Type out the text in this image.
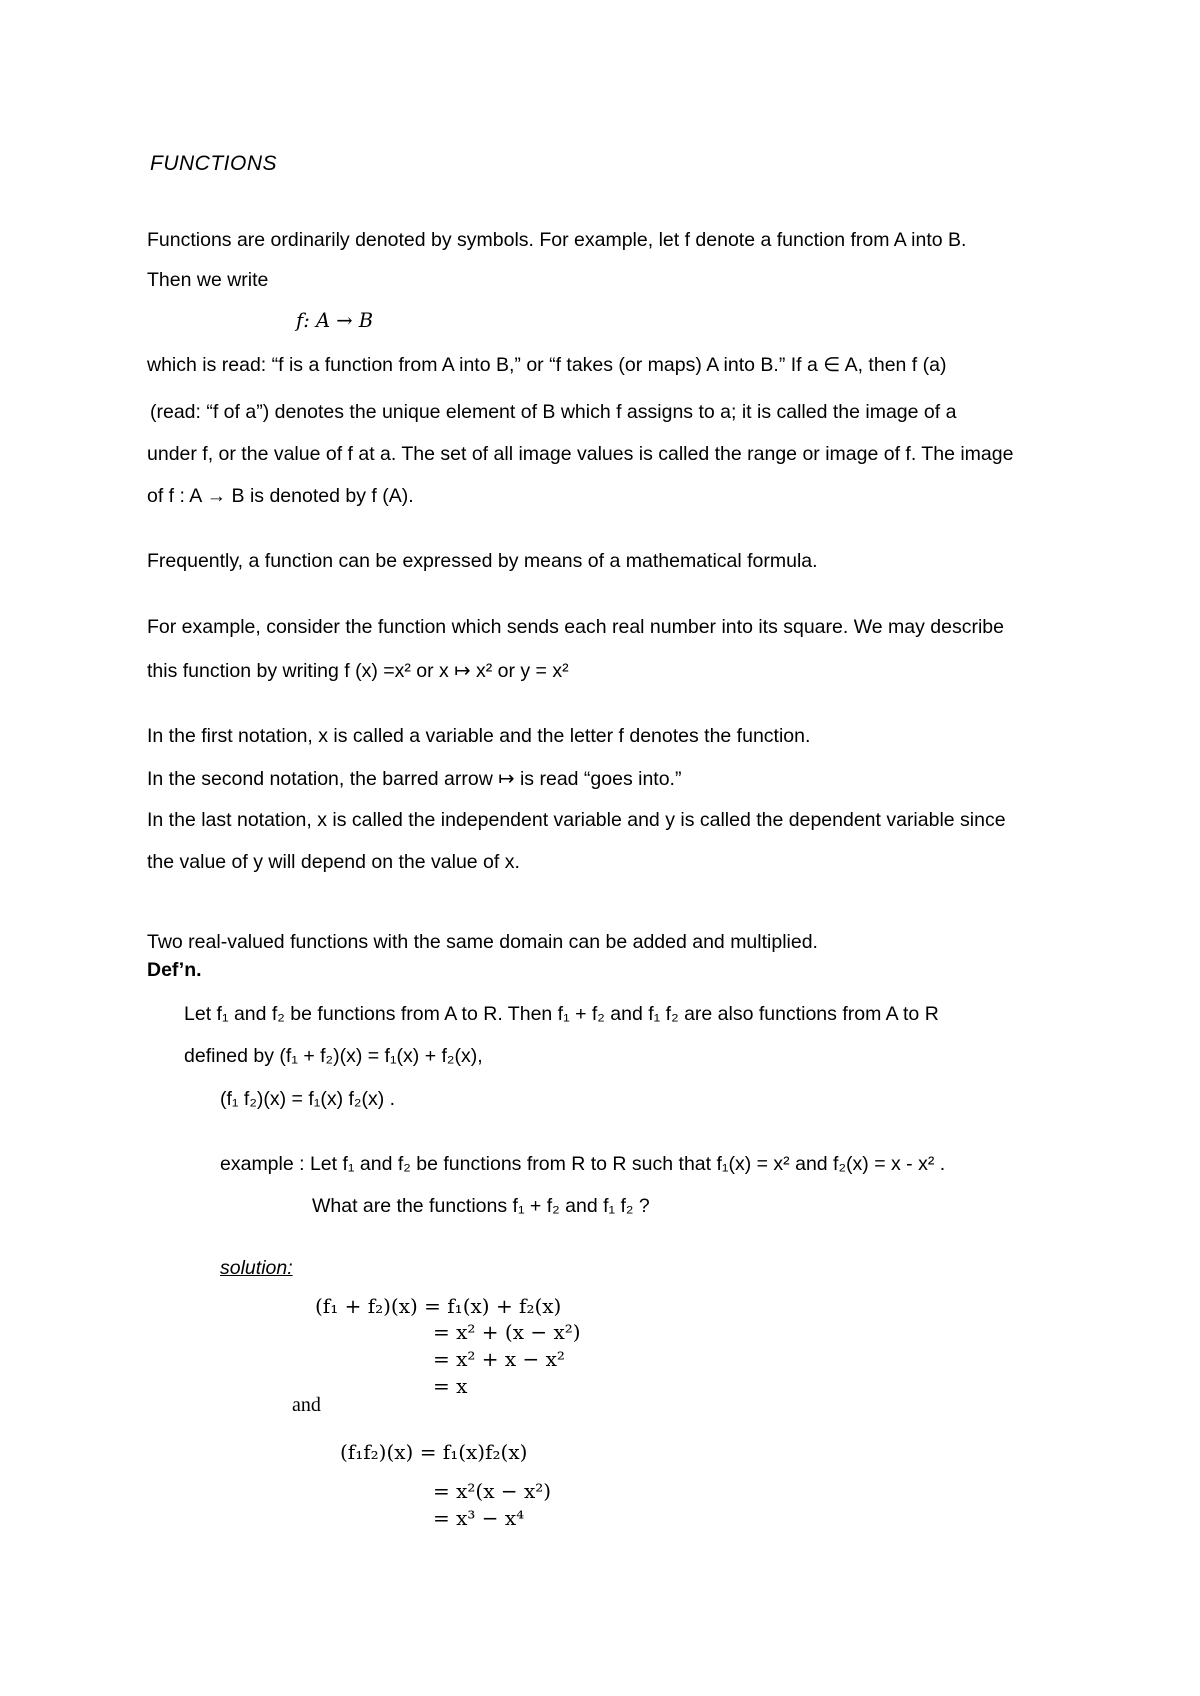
FUNCTIONS
Functions are ordinarily denoted by symbols. For example, let f denote a function from A into B.
Then we write
f: A → B
which is read: “f is a function from A into B,” or “f takes (or maps) A into B.” If a ∈ A, then f (a)
(read: “f of a”) denotes the unique element of B which f assigns to a; it is called the image of a
under f, or the value of f at a. The set of all image values is called the range or image of f. The image
of f : A → B is denoted by f (A).
Frequently, a function can be expressed by means of a mathematical formula.
For example, consider the function which sends each real number into its square. We may describe
this function by writing f (x) =x² or x ↦ x² or y = x²
In the first notation, x is called a variable and the letter f denotes the function.
In the second notation, the barred arrow ↦ is read “goes into.”
In the last notation, x is called the independent variable and y is called the dependent variable since
the value of y will depend on the value of x.
Two real-valued functions with the same domain can be added and multiplied.
Def’n.
Let f₁ and f₂ be functions from A to R. Then f₁ + f₂ and f₁ f₂ are also functions from A to R
defined by (f₁ + f₂)(x) = f₁(x) + f₂(x),
(f₁ f₂)(x) = f₁(x) f₂(x) .
example : Let f₁ and f₂ be functions from R to R such that f₁(x) = x² and f₂(x) = x - x² .
What are the functions f₁ + f₂ and f₁ f₂ ?
solution:
(f₁ + f₂)(x) = f₁(x) + f₂(x)
= x² + (x − x²)
= x² + x − x²
= x
and
(f₁f₂)(x) = f₁(x)f₂(x)
= x²(x − x²)
= x³ − x⁴
